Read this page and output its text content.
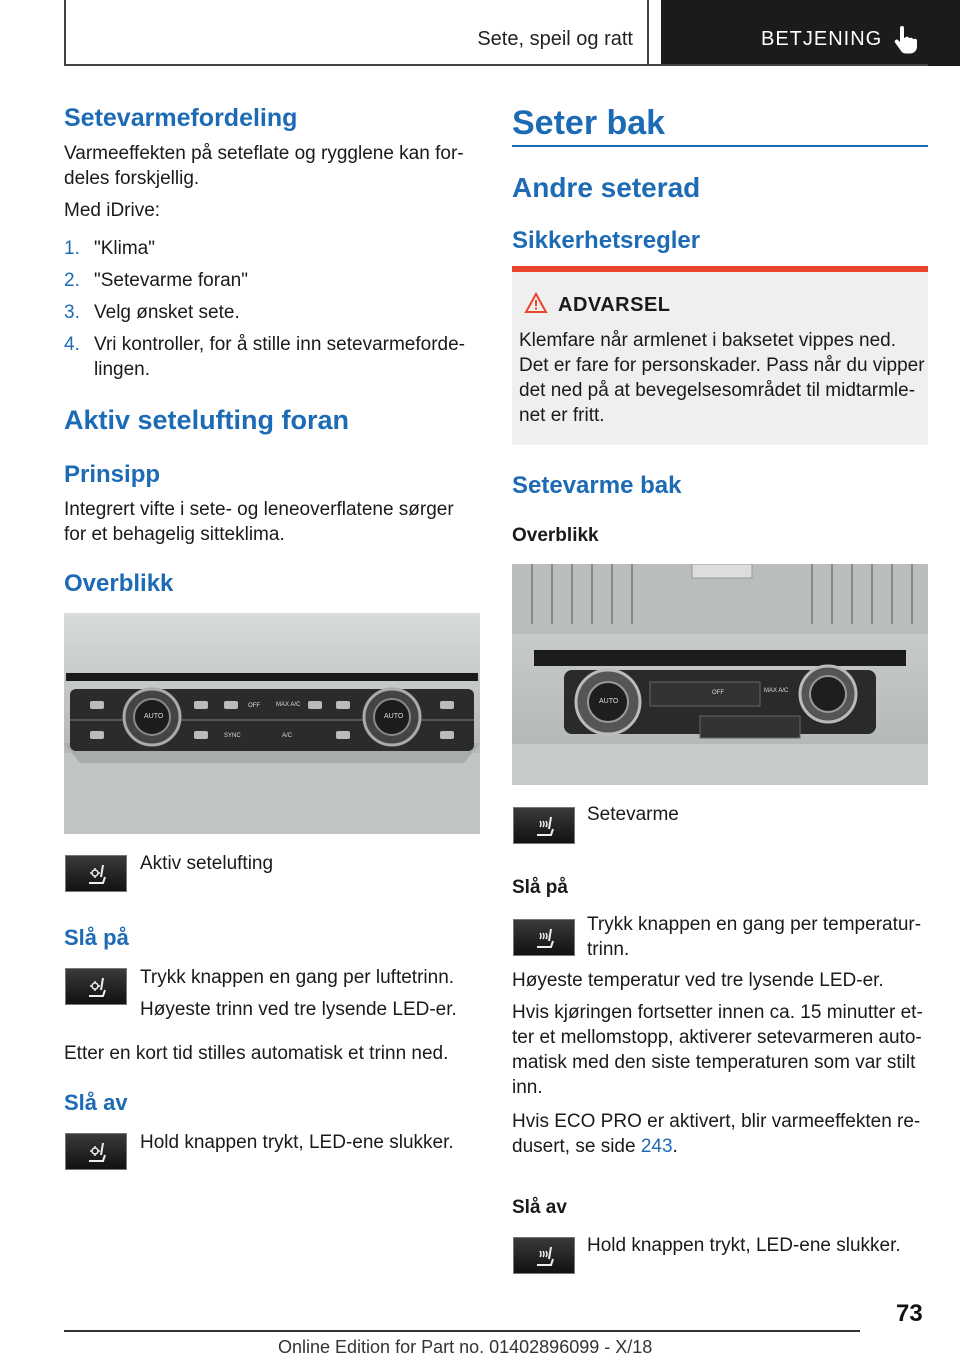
Sete, speil og ratt	BETJENING
Setevarmefordeling
Varmeeffekten på seteflate og rygglene kan for-
deles forskjellig.
Med iDrive:
1. "Klima"
2. "Setevarme foran"
3. Velg ønsket sete.
4. Vri kontroller, for å stille inn setevarmeforde-
lingen.
Aktiv setelufting foran
Prinsipp
Integrert vifte i sete- og leneoverflatene sørger
for et behagelig sitteklima.
Overblikk
AUTO
OFF	MAX A/C
SYNC	A/C
AUTO
Aktiv setelufting
Slå på
Trykk knappen en gang per luftetrinn.
Høyeste trinn ved tre lysende LED-er.
Etter en kort tid stilles automatisk et trinn ned.
Slå av
Hold knappen trykt, LED-ene slukker.
Seter bak
Andre seterad
Sikkerhetsregler
ADVARSEL
Klemfare når armlenet i baksetet vippes ned.
Det er fare for personskader. Pass når du vipper
det ned på at bevegelsesområdet til midtarmle-
net er fritt.
Setevarme bak
Overblikk
AUTO
OFF	MAX A/C
Setevarme
Slå på
Trykk knappen en gang per temperatur-
trinn.
Høyeste temperatur ved tre lysende LED-er.
Hvis kjøringen fortsetter innen ca. 15 minutter et-
ter et mellomstopp, aktiverer setevarmeren auto-
matisk med den siste temperaturen som var stilt
inn.
Hvis ECO PRO er aktivert, blir varmeeffekten re-
dusert, se side 243.
Slå av
Hold knappen trykt, LED-ene slukker.
73
Online Edition for Part no. 01402896099 - X/18
